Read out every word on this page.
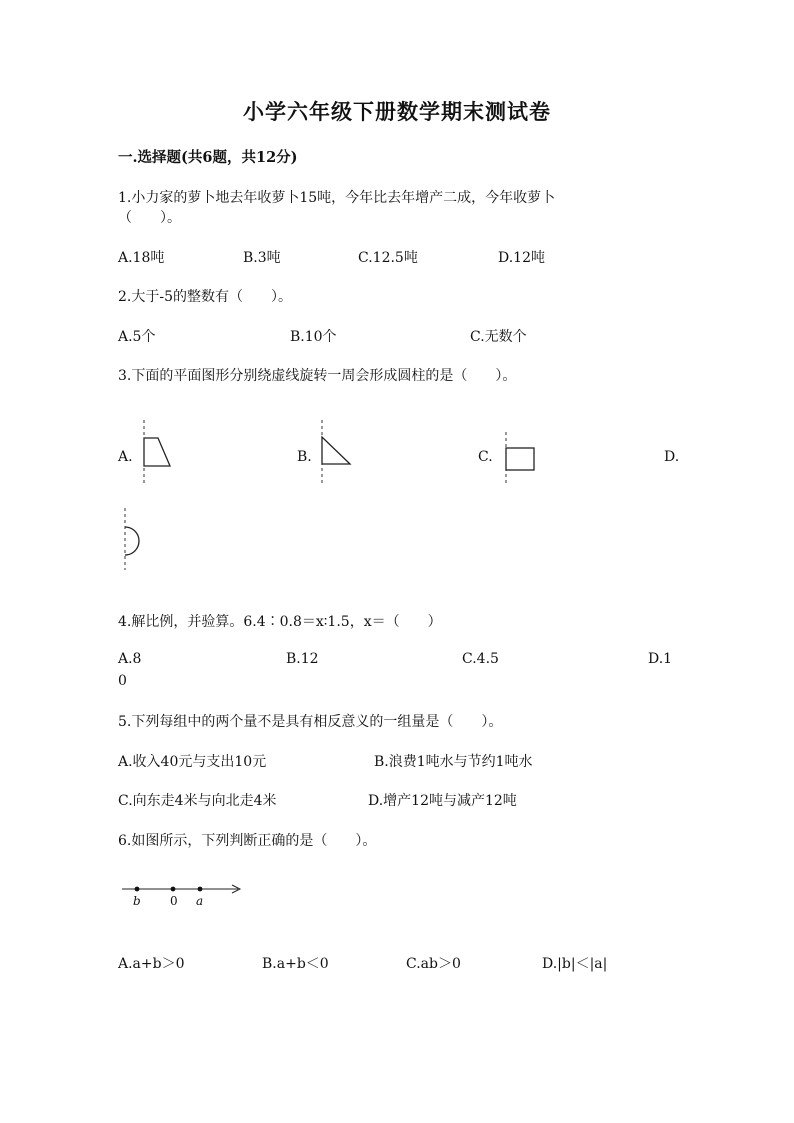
小学六年级下册数学期末测试卷
一.选择题(共6题，共12分)
1.小力家的萝卜地去年收萝卜15吨，今年比去年增产二成，今年收萝卜
（　　）。
A.18吨	B.3吨	C.12.5吨	D.12吨
2.大于-5的整数有（　　）。
A.5个	B.10个	C.无数个
3.下面的平面图形分别绕虚线旋转一周会形成圆柱的是（　　）。
A.	B.	C.	D.
4.解比例，并验算。6.4∶0.8＝x∶1.5，x＝（　　）
A.8	B.12	C.4.5	D.1
0
5.下列每组中的两个量不是具有相反意义的一组量是（　　）。
A.收入40元与支出10元	B.浪费1吨水与节约1吨水
C.向东走4米与向北走4米	D.增产12吨与减产12吨
6.如图所示，下列判断正确的是（　　）。
b 0 a
A.a+b＞0	B.a+b＜0	C.ab＞0	D.|b|＜|a|
